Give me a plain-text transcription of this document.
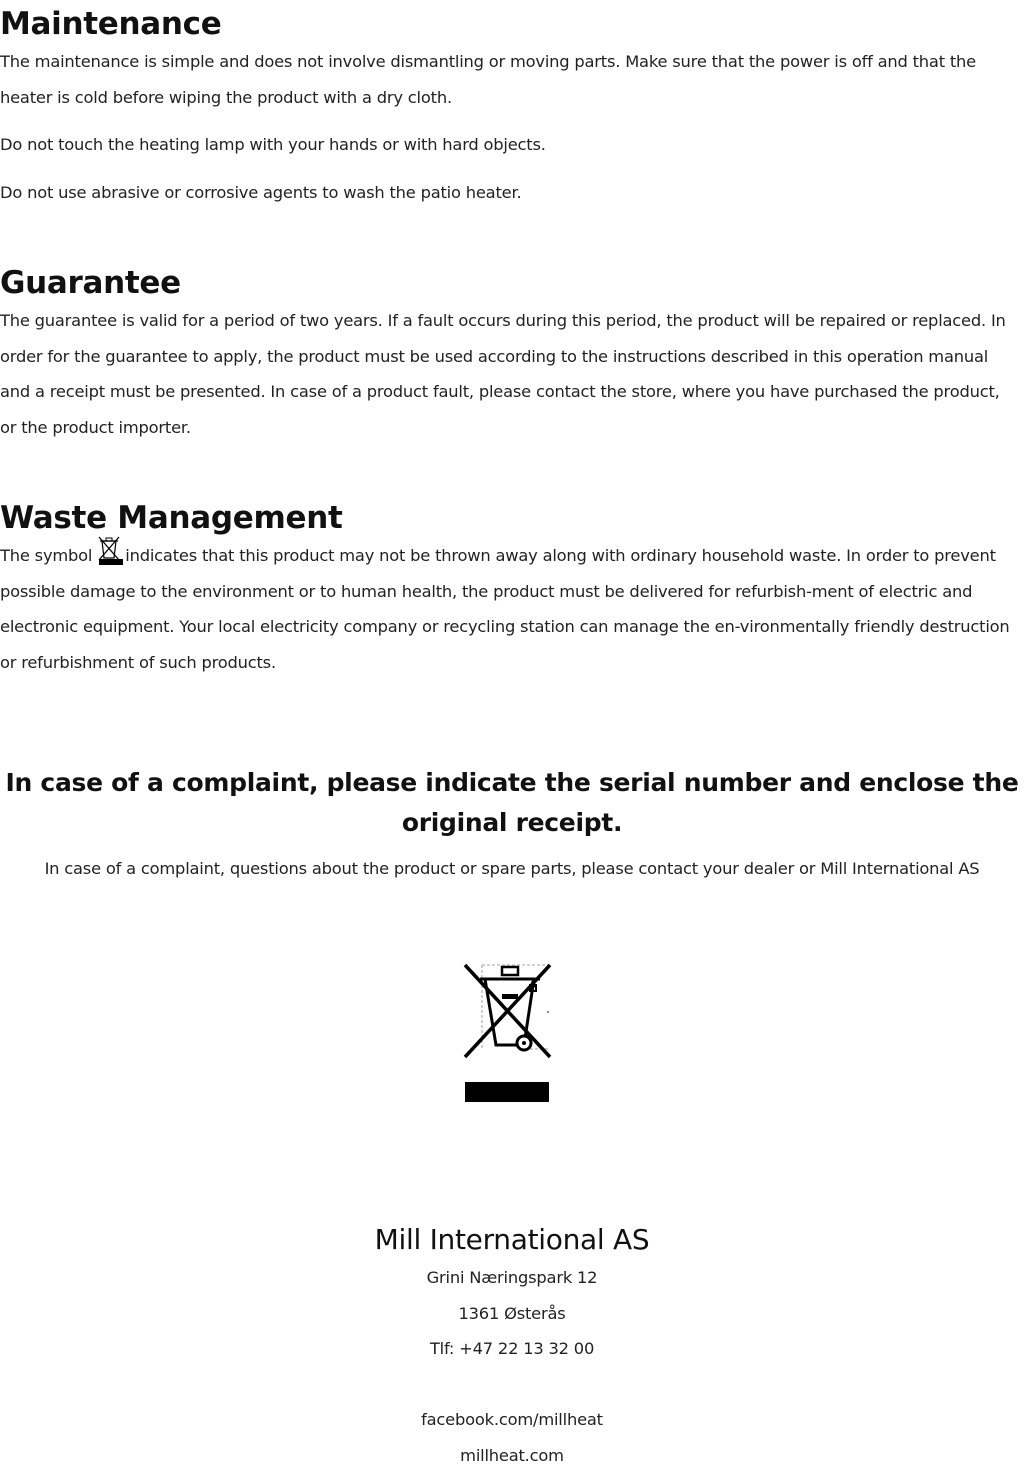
Maintenance

The maintenance is simple and does not involve dismantling or moving parts. Make sure that the power is off and that the heater is cold before wiping the product with a dry cloth.

Do not touch the heating lamp with your hands or with hard objects.

Do not use abrasive or corrosive agents to wash the patio heater.

Guarantee

The guarantee is valid for a period of two years. If a fault occurs during this period, the product will be repaired or replaced. In order for the guarantee to apply, the product must be used according to the instructions described in this operation manual and a receipt must be presented. In case of a product fault, please contact the store, where you have purchased the product, or the product importer.

Waste Management

The symbol indicates that this product may not be thrown away along with ordinary household waste. In order to prevent possible damage to the environment or to human health, the product must be delivered for refurbish-ment of electric and electronic equipment. Your local electricity company or recycling station can manage the en-vironmentally friendly destruction or refurbishment of such products.

In case of a complaint, please indicate the serial number and enclose the original receipt.

In case of a complaint, questions about the product or spare parts, please contact your dealer or Mill International AS

Mill International AS

Grini Næringspark 12

1361 Østerås

Tlf: +47 22 13 32 00

facebook.com/millheat

millheat.com
